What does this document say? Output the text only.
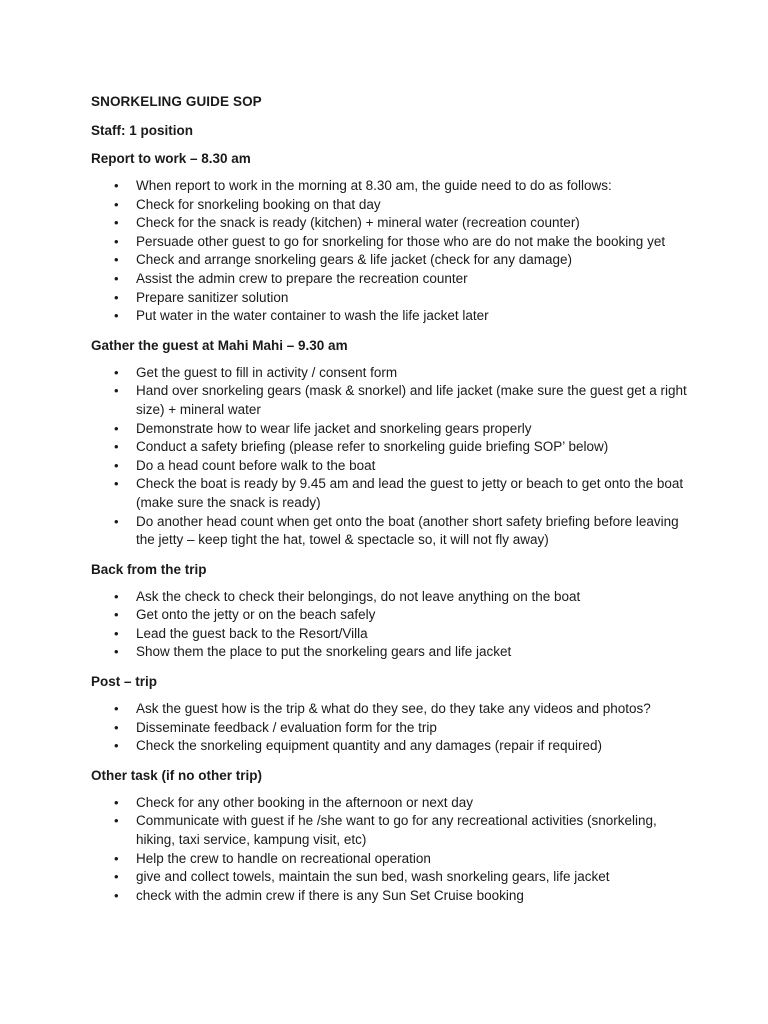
SNORKELING GUIDE SOP
Staff: 1 position
Report to work – 8.30 am
• When report to work in the morning at 8.30 am, the guide need to do as follows:
• Check for snorkeling booking on that day
• Check for the snack is ready (kitchen) + mineral water (recreation counter)
• Persuade other guest to go for snorkeling for those who are do not make the booking yet
• Check and arrange snorkeling gears & life jacket (check for any damage)
• Assist the admin crew to prepare the recreation counter
• Prepare sanitizer solution
• Put water in the water container to wash the life jacket later
Gather the guest at Mahi Mahi – 9.30 am
• Get the guest to fill in activity / consent form
• Hand over snorkeling gears (mask & snorkel) and life jacket (make sure the guest get a right size) + mineral water
• Demonstrate how to wear life jacket and snorkeling gears properly
• Conduct a safety briefing (please refer to snorkeling guide briefing SOP’ below)
• Do a head count before walk to the boat
• Check the boat is ready by 9.45 am and lead the guest to jetty or beach to get onto the boat (make sure the snack is ready)
• Do another head count when get onto the boat (another short safety briefing before leaving the jetty – keep tight the hat, towel & spectacle so, it will not fly away)
Back from the trip
• Ask the check to check their belongings, do not leave anything on the boat
• Get onto the jetty or on the beach safely
• Lead the guest back to the Resort/Villa
• Show them the place to put the snorkeling gears and life jacket
Post – trip
• Ask the guest how is the trip & what do they see, do they take any videos and photos?
• Disseminate feedback / evaluation form for the trip
• Check the snorkeling equipment quantity and any damages (repair if required)
Other task (if no other trip)
• Check for any other booking in the afternoon or next day
• Communicate with guest if he /she want to go for any recreational activities (snorkeling, hiking, taxi service, kampung visit, etc)
• Help the crew to handle on recreational operation
• give and collect towels, maintain the sun bed, wash snorkeling gears, life jacket
• check with the admin crew if there is any Sun Set Cruise booking
